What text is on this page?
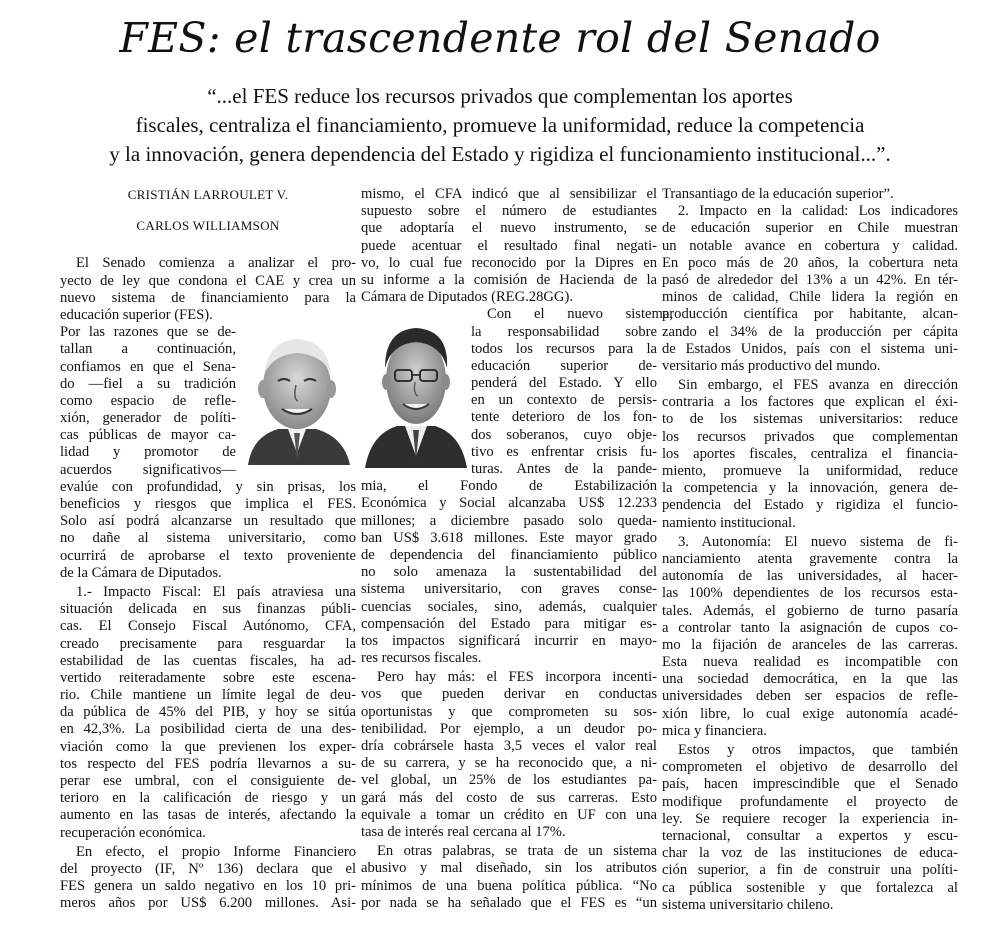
FES: el trascendente rol del Senado

“...el FES reduce los recursos privados que complementan los aportes
fiscales, centraliza el financiamiento, promueve la uniformidad, reduce la competencia
y la innovación, genera dependencia del Estado y rigidiza el funcionamiento institucional...”.

CRISTIÁN LARROULET V.
CARLOS WILLIAMSON
El Senado comienza a analizar el pro-
yecto de ley que condona el CAE y crea un
nuevo sistema de financiamiento para la
educación superior (FES).
Por las razones que se de-
tallan a continuación,
confiamos en que el Sena-
do —fiel a su tradición
como espacio de refle-
xión, generador de políti-
cas públicas de mayor ca-
lidad y promotor de
acuerdos significativos—
evalúe con profundidad, y sin prisas, los
beneficios y riesgos que implica el FES.
Solo así podrá alcanzarse un resultado que
no dañe al sistema universitario, como
ocurrirá de aprobarse el texto proveniente
de la Cámara de Diputados.
1.- Impacto Fiscal: El país atraviesa una
situación delicada en sus finanzas públi-
cas. El Consejo Fiscal Autónomo, CFA,
creado precisamente para resguardar la
estabilidad de las cuentas fiscales, ha ad-
vertido reiteradamente sobre este escena-
rio. Chile mantiene un límite legal de deu-
da pública de 45% del PIB, y hoy se sitúa
en 42,3%. La posibilidad cierta de una des-
viación como la que previenen los exper-
tos respecto del FES podría llevarnos a su-
perar ese umbral, con el consiguiente de-
terioro en la calificación de riesgo y un
aumento en las tasas de interés, afectando la
recuperación económica.
En efecto, el propio Informe Financiero
del proyecto (IF, Nº 136) declara que el
FES genera un saldo negativo en los 10 pri-
meros años por US$ 6.200 millones. Asi-
mismo, el CFA indicó que al sensibilizar el
supuesto sobre el número de estudiantes
que adoptaría el nuevo instrumento, se
puede acentuar el resultado final negati-
vo, lo cual fue reconocido por la Dipres en
su informe a la comisión de Hacienda de la
Cámara de Diputados (REG.28GG).
Con el nuevo sistema,
la responsabilidad sobre
todos los recursos para la
educación superior de-
penderá del Estado. Y ello
en un contexto de persis-
tente deterioro de los fon-
dos soberanos, cuyo obje-
tivo es enfrentar crisis fu-
turas. Antes de la pande-
mia, el Fondo de Estabilización
Económica y Social alcanzaba US$ 12.233
millones; a diciembre pasado solo queda-
ban US$ 3.618 millones. Este mayor grado
de dependencia del financiamiento público
no solo amenaza la sustentabilidad del
sistema universitario, con graves conse-
cuencias sociales, sino, además, cualquier
compensación del Estado para mitigar es-
tos impactos significará incurrir en mayo-
res recursos fiscales.
Pero hay más: el FES incorpora incenti-
vos que pueden derivar en conductas
oportunistas y que comprometen su sos-
tenibilidad. Por ejemplo, a un deudor po-
dría cobrársele hasta 3,5 veces el valor real
de su carrera, y se ha reconocido que, a ni-
vel global, un 25% de los estudiantes pa-
gará más del costo de sus carreras. Esto
equivale a tomar un crédito en UF con una
tasa de interés real cercana al 17%.
En otras palabras, se trata de un sistema
abusivo y mal diseñado, sin los atributos
mínimos de una buena política pública. “No
por nada se ha señalado que el FES es “un
Transantiago de la educación superior”.
2. Impacto en la calidad: Los indicadores
de educación superior en Chile muestran
un notable avance en cobertura y calidad.
En poco más de 20 años, la cobertura neta
pasó de alrededor del 13% a un 42%. En tér-
minos de calidad, Chile lidera la región en
producción científica por habitante, alcan-
zando el 34% de la producción per cápita
de Estados Unidos, país con el sistema uni-
versitario más productivo del mundo.
Sin embargo, el FES avanza en dirección
contraria a los factores que explican el éxi-
to de los sistemas universitarios: reduce
los recursos privados que complementan
los aportes fiscales, centraliza el financia-
miento, promueve la uniformidad, reduce
la competencia y la innovación, genera de-
pendencia del Estado y rigidiza el funcio-
namiento institucional.
3. Autonomía: El nuevo sistema de fi-
nanciamiento atenta gravemente contra la
autonomía de las universidades, al hacer-
las 100% dependientes de los recursos esta-
tales. Además, el gobierno de turno pasaría
a controlar tanto la asignación de cupos co-
mo la fijación de aranceles de las carreras.
Esta nueva realidad es incompatible con
una sociedad democrática, en la que las
universidades deben ser espacios de refle-
xión libre, lo cual exige autonomía acadé-
mica y financiera.
Estos y otros impactos, que también
comprometen el objetivo de desarrollo del
país, hacen imprescindible que el Senado
modifique profundamente el proyecto de
ley. Se requiere recoger la experiencia in-
ternacional, consultar a expertos y escu-
char la voz de las instituciones de educa-
ción superior, a fin de construir una políti-
ca pública sostenible y que fortalezca al
sistema universitario chileno.
